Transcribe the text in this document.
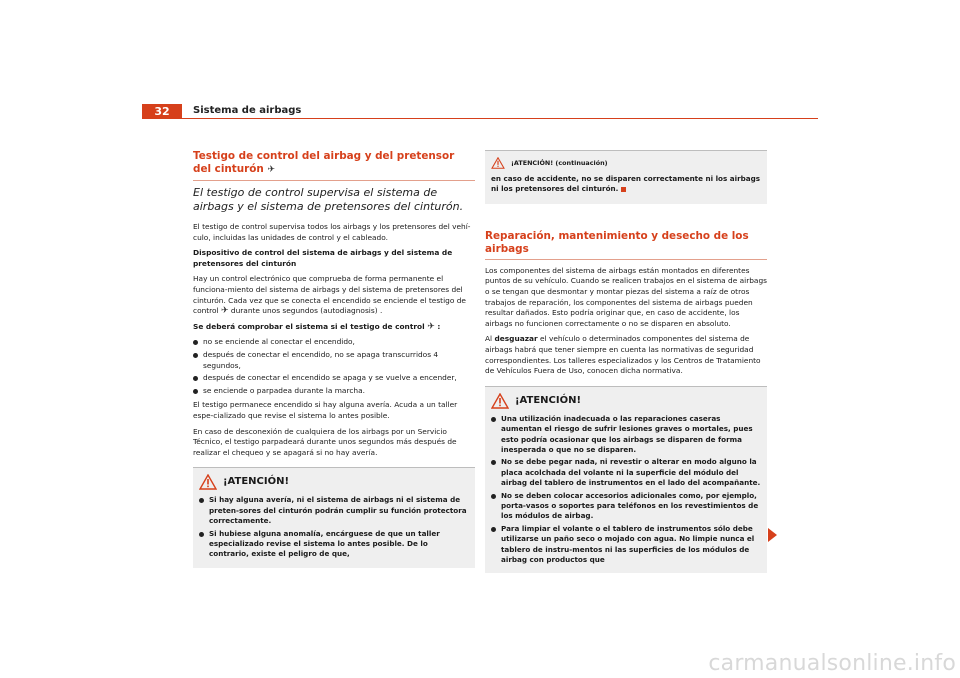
32	Sistema de airbags
Testigo de control del airbag y del pretensor del cinturón ✈
El testigo de control supervisa el sistema de airbags y el sistema de pretensores del cinturón.

El testigo de control supervisa todos los airbags y los pretensores del vehí-culo, incluidas las unidades de control y el cableado.

Dispositivo de control del sistema de airbags y del sistema de pretensores del cinturón

Hay un control electrónico que comprueba de forma permanente el funciona-miento del sistema de airbags y del sistema de pretensores del cinturón. Cada vez que se conecta el encendido se enciende el testigo de control ✈ durante unos segundos (autodiagnosis) .

Se deberá comprobar el sistema si el testigo de control ✈ :

no se enciende al conectar el encendido,
después de conectar el encendido, no se apaga transcurridos 4 segundos,
después de conectar el encendido se apaga y se vuelve a encender,
se enciende o parpadea durante la marcha.

El testigo permanece encendido si hay alguna avería. Acuda a un taller espe-cializado que revise el sistema lo antes posible.

En caso de desconexión de cualquiera de los airbags por un Servicio Técnico, el testigo parpadeará durante unos segundos más después de realizar el chequeo y se apagará si no hay avería.

¡ATENCIÓN!
Si hay alguna avería, ni el sistema de airbags ni el sistema de preten-sores del cinturón podrán cumplir su función protectora correctamente.
Si hubiese alguna anomalía, encárguese de que un taller especializado revise el sistema lo antes posible. De lo contrario, existe el peligro de que,
¡ATENCIÓN! (continuación)

en caso de accidente, no se disparen correctamente ni los airbags ni los pretensores del cinturón.

Reparación, mantenimiento y desecho de los airbags

Los componentes del sistema de airbags están montados en diferentes puntos de su vehículo. Cuando se realicen trabajos en el sistema de airbags o se tengan que desmontar y montar piezas del sistema a raíz de otros trabajos de reparación, los componentes del sistema de airbags pueden resultar dañados. Esto podría originar que, en caso de accidente, los airbags no funcionen correctamente o no se disparen en absoluto.

Al desguazar el vehículo o determinados componentes del sistema de airbags habrá que tener siempre en cuenta las normativas de seguridad correspondientes. Los talleres especializados y los Centros de Tratamiento de Vehículos Fuera de Uso, conocen dicha normativa.

¡ATENCIÓN!
Una utilización inadecuada o las reparaciones caseras aumentan el riesgo de sufrir lesiones graves o mortales, pues esto podría ocasionar que los airbags se disparen de forma inesperada o que no se disparen.
No se debe pegar nada, ni revestir o alterar en modo alguno la placa acolchada del volante ni la superficie del módulo del airbag del tablero de instrumentos en el lado del acompañante.
No se deben colocar accesorios adicionales como, por ejemplo, porta-vasos o soportes para teléfonos en los revestimientos de los módulos de airbag.
Para limpiar el volante o el tablero de instrumentos sólo debe utilizarse un paño seco o mojado con agua. No limpie nunca el tablero de instru-mentos ni las superficies de los módulos de airbag con productos que
carmanualsonline.info
